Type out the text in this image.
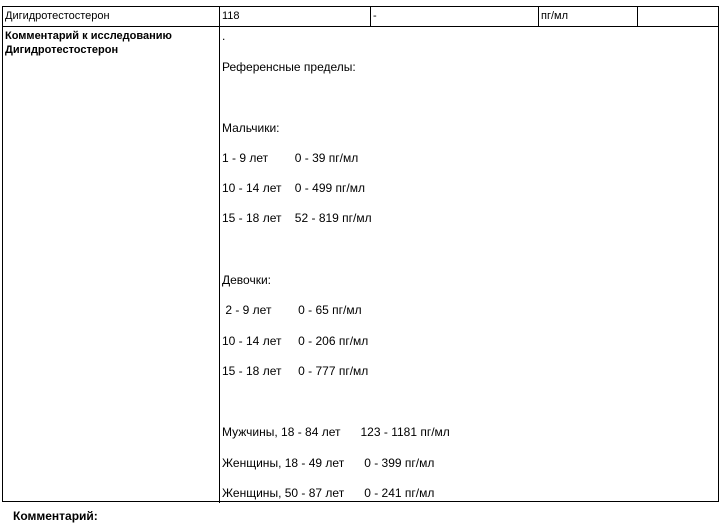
Дигидротестостерон	118	-	пг/мл
Комментарий к исследованию Дигидротестостерон
.
Референсные пределы:
Мальчики:
1 - 9 лет        0 - 39 пг/мл
10 - 14 лет    0 - 499 пг/мл
15 - 18 лет    52 - 819 пг/мл
Девочки:
2 - 9 лет        0 - 65 пг/мл
10 - 14 лет     0 - 206 пг/мл
15 - 18 лет     0 - 777 пг/мл
Мужчины, 18 - 84 лет      123 - 1181 пг/мл
Женщины, 18 - 49 лет      0 - 399 пг/мл
Женщины, 50 - 87 лет      0 - 241 пг/мл
Комментарий:
